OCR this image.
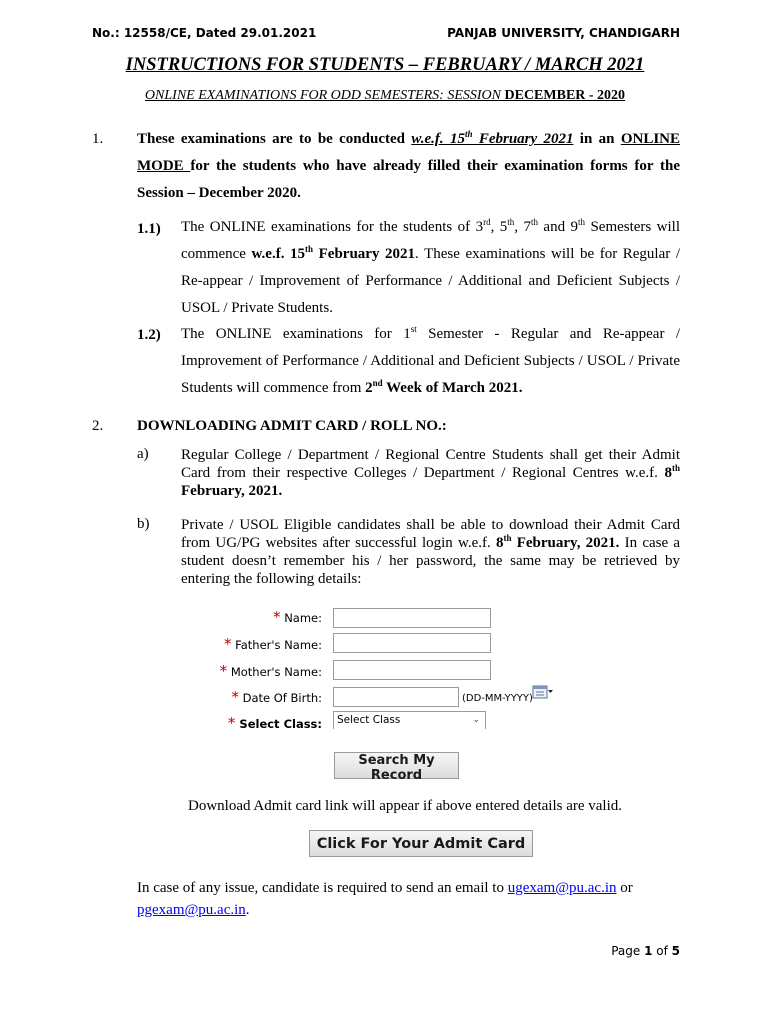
No.: 12558/CE, Dated 29.01.2021	PANJAB UNIVERSITY, CHANDIGARH
INSTRUCTIONS FOR STUDENTS – FEBRUARY / MARCH 2021
ONLINE EXAMINATIONS FOR ODD SEMESTERS: SESSION DECEMBER - 2020
1. These examinations are to be conducted w.e.f. 15th February 2021 in an ONLINE MODE for the students who have already filled their examination forms for the Session – December 2020.
1.1) The ONLINE examinations for the students of 3rd, 5th, 7th and 9th Semesters will commence w.e.f. 15th February 2021. These examinations will be for Regular / Re-appear / Improvement of Performance / Additional and Deficient Subjects / USOL / Private Students.
1.2) The ONLINE examinations for 1st Semester - Regular and Re-appear / Improvement of Performance / Additional and Deficient Subjects / USOL / Private Students will commence from 2nd Week of March 2021.
2. DOWNLOADING ADMIT CARD / ROLL NO.:
a) Regular College / Department / Regional Centre Students shall get their Admit Card from their respective Colleges / Department / Regional Centres w.e.f. 8th February, 2021.
b) Private / USOL Eligible candidates shall be able to download their Admit Card from UG/PG websites after successful login w.e.f. 8th February, 2021. In case a student doesn’t remember his / her password, the same may be retrieved by entering the following details:
* Name:
* Father's Name:
* Mother's Name:
* Date Of Birth:	(DD-MM-YYYY)
* Select Class:	Select Class	⌄
Search My Record
Download Admit card link will appear if above entered details are valid.
Click For Your Admit Card
In case of any issue, candidate is required to send an email to ugexam@pu.ac.in or
pgexam@pu.ac.in.
Page 1 of 5
